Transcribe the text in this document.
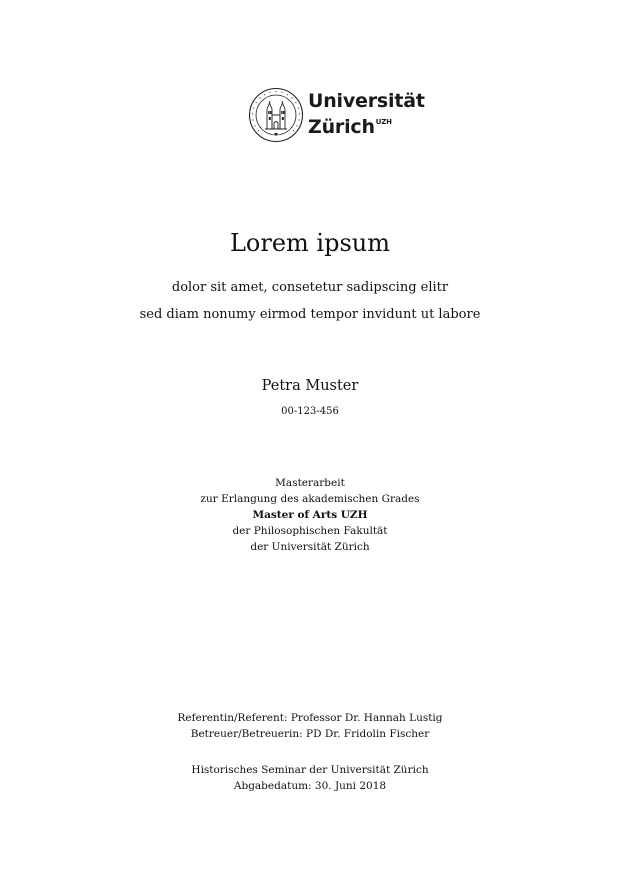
Universität
Zürich$^{UZH}$
Lorem ipsum
dolor sit amet, consetetur sadipscing elitr
sed diam nonumy eirmod tempor invidunt ut labore
Petra Muster
00-123-456
Masterarbeit
zur Erlangung des akademischen Grades
Master of Arts UZH
der Philosophischen Fakultät
der Universität Zürich
Referentin/Referent: Professor Dr. Hannah Lustig
Betreuer/Betreuerin: PD Dr. Fridolin Fischer
Historisches Seminar der Universität Zürich
Abgabedatum: 30. Juni 2018
